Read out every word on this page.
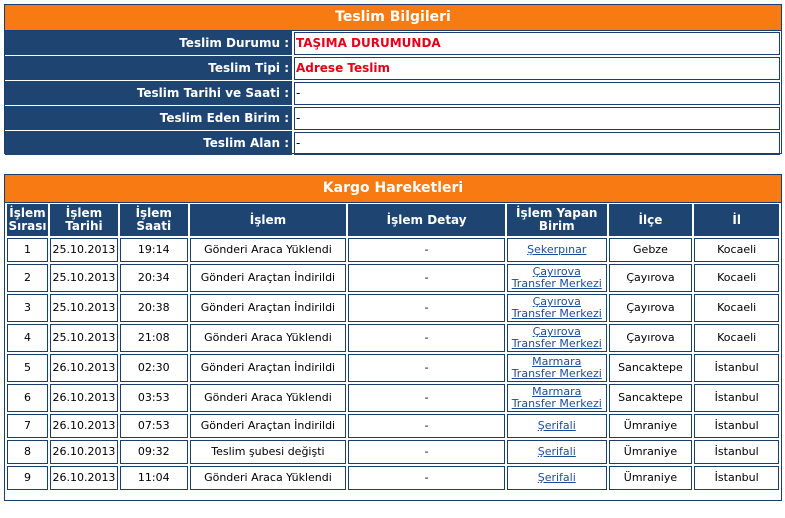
Teslim Bilgileri
Teslim Durumu : TAŞIMA DURUMUNDA
Teslim Tipi : Adrese Teslim
Teslim Tarihi ve Saati : -
Teslim Eden Birim : -
Teslim Alan : -
Kargo Hareketleri
İşlem Sırası	İşlem Tarihi	İşlem Saati	İşlem	İşlem Detay	İşlem Yapan Birim	İlçe	İl
1	25.10.2013	19:14	Gönderi Araca Yüklendi	-	Şekerpınar	Gebze	Kocaeli
2	25.10.2013	20:34	Gönderi Araçtan İndirildi	-	Çayırova Transfer Merkezi	Çayırova	Kocaeli
3	25.10.2013	20:38	Gönderi Araçtan İndirildi	-	Çayırova Transfer Merkezi	Çayırova	Kocaeli
4	25.10.2013	21:08	Gönderi Araca Yüklendi	-	Çayırova Transfer Merkezi	Çayırova	Kocaeli
5	26.10.2013	02:30	Gönderi Araçtan İndirildi	-	Marmara Transfer Merkezi	Sancaktepe	İstanbul
6	26.10.2013	03:53	Gönderi Araca Yüklendi	-	Marmara Transfer Merkezi	Sancaktepe	İstanbul
7	26.10.2013	07:53	Gönderi Araçtan İndirildi	-	Şerifali	Ümraniye	İstanbul
8	26.10.2013	09:32	Teslim şubesi değişti	-	Şerifali	Ümraniye	İstanbul
9	26.10.2013	11:04	Gönderi Araca Yüklendi	-	Şerifali	Ümraniye	İstanbul
